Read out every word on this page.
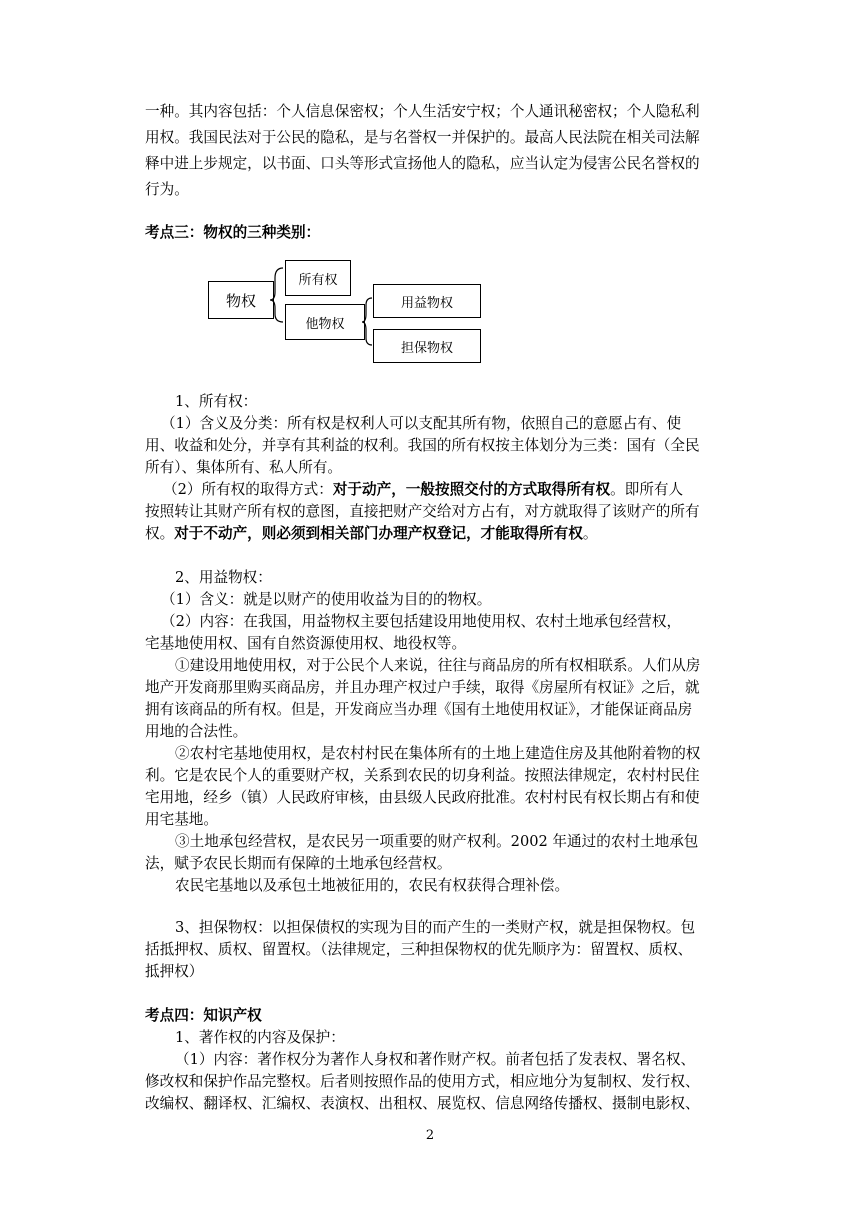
一种。其内容包括：个人信息保密权；个人生活安宁权；个人通讯秘密权；个人隐私利
用权。我国民法对于公民的隐私，是与名誉权一并保护的。最高人民法院在相关司法解
释中进上步规定，以书面、口头等形式宣扬他人的隐私，应当认定为侵害公民名誉权的
行为。
考点三：物权的三种类别：
物权
所有权
他物权
用益物权
担保物权
1、所有权：
（1）含义及分类：所有权是权利人可以支配其所有物，依照自己的意愿占有、使
用、收益和处分，并享有其利益的权利。我国的所有权按主体划分为三类：国有（全民
所有）、集体所有、私人所有。
（2）所有权的取得方式：对于动产，一般按照交付的方式取得所有权。即所有人
按照转让其财产所有权的意图，直接把财产交给对方占有，对方就取得了该财产的所有
权。对于不动产，则必须到相关部门办理产权登记，才能取得所有权。
2、用益物权：
（1）含义：就是以财产的使用收益为目的的物权。
（2）内容：在我国，用益物权主要包括建设用地使用权、农村土地承包经营权，
宅基地使用权、国有自然资源使用权、地役权等。
①建设用地使用权，对于公民个人来说，往往与商品房的所有权相联系。人们从房
地产开发商那里购买商品房，并且办理产权过户手续，取得《房屋所有权证》之后，就
拥有该商品的所有权。但是，开发商应当办理《国有土地使用权证》，才能保证商品房
用地的合法性。
②农村宅基地使用权，是农村村民在集体所有的土地上建造住房及其他附着物的权
利。它是农民个人的重要财产权，关系到农民的切身利益。按照法律规定，农村村民住
宅用地，经乡（镇）人民政府审核，由县级人民政府批准。农村村民有权长期占有和使
用宅基地。
③土地承包经营权，是农民另一项重要的财产权利。2002 年通过的农村土地承包
法，赋予农民长期而有保障的土地承包经营权。
农民宅基地以及承包土地被征用的，农民有权获得合理补偿。
3、担保物权：以担保债权的实现为目的而产生的一类财产权，就是担保物权。包
括抵押权、质权、留置权。（法律规定，三种担保物权的优先顺序为：留置权、质权、
抵押权）
考点四：知识产权
1、著作权的内容及保护：
（1）内容：著作权分为著作人身权和著作财产权。前者包括了发表权、署名权、
修改权和保护作品完整权。后者则按照作品的使用方式，相应地分为复制权、发行权、
改编权、翻译权、汇编权、表演权、出租权、展览权、信息网络传播权、摄制电影权、
2
